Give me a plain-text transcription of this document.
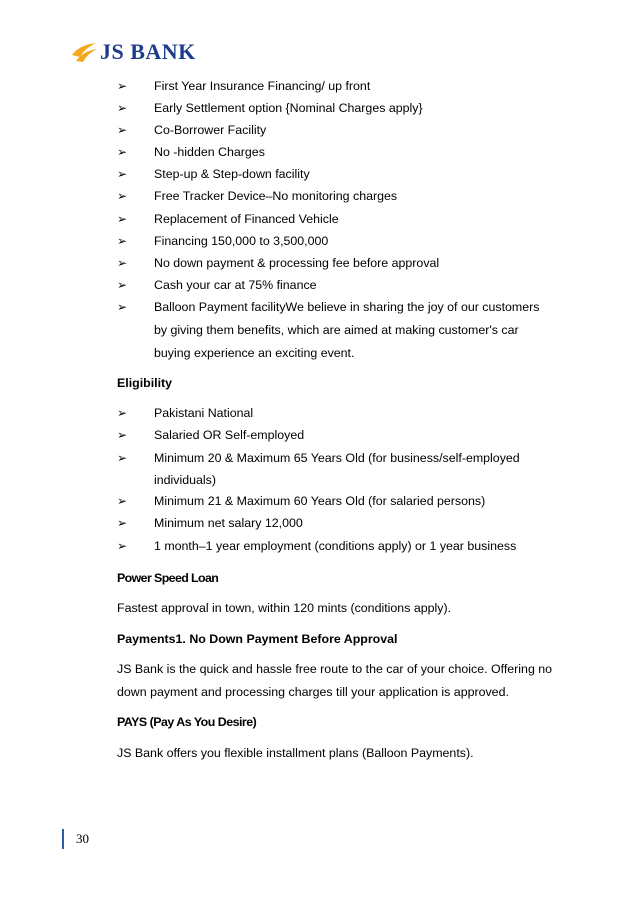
JS BANK
➢ First Year Insurance Financing/ up front
➢ Early Settlement option {Nominal Charges apply}
➢ Co-Borrower Facility
➢ No -hidden Charges
➢ Step-up & Step-down facility
➢ Free Tracker Device–No monitoring charges
➢ Replacement of Financed Vehicle
➢ Financing 150,000 to 3,500,000
➢ No down payment & processing fee before approval
➢ Cash your car at 75% finance
➢ Balloon Payment facilityWe believe in sharing the joy of our customers
by giving them benefits, which are aimed at making customer's car
buying experience an exciting event.
Eligibility
➢ Pakistani National
➢ Salaried OR Self-employed
➢ Minimum 20 & Maximum 65 Years Old (for business/self-employed
individuals)
➢ Minimum 21 & Maximum 60 Years Old (for salaried persons)
➢ Minimum net salary 12,000
➢ 1 month–1 year employment (conditions apply) or 1 year business
Power Speed Loan
Fastest approval in town, within 120 mints (conditions apply).
Payments1. No Down Payment Before Approval
JS Bank is the quick and hassle free route to the car of your choice. Offering no
down payment and processing charges till your application is approved.
PAYS (Pay As You Desire)
JS Bank offers you flexible installment plans (Balloon Payments).
30
